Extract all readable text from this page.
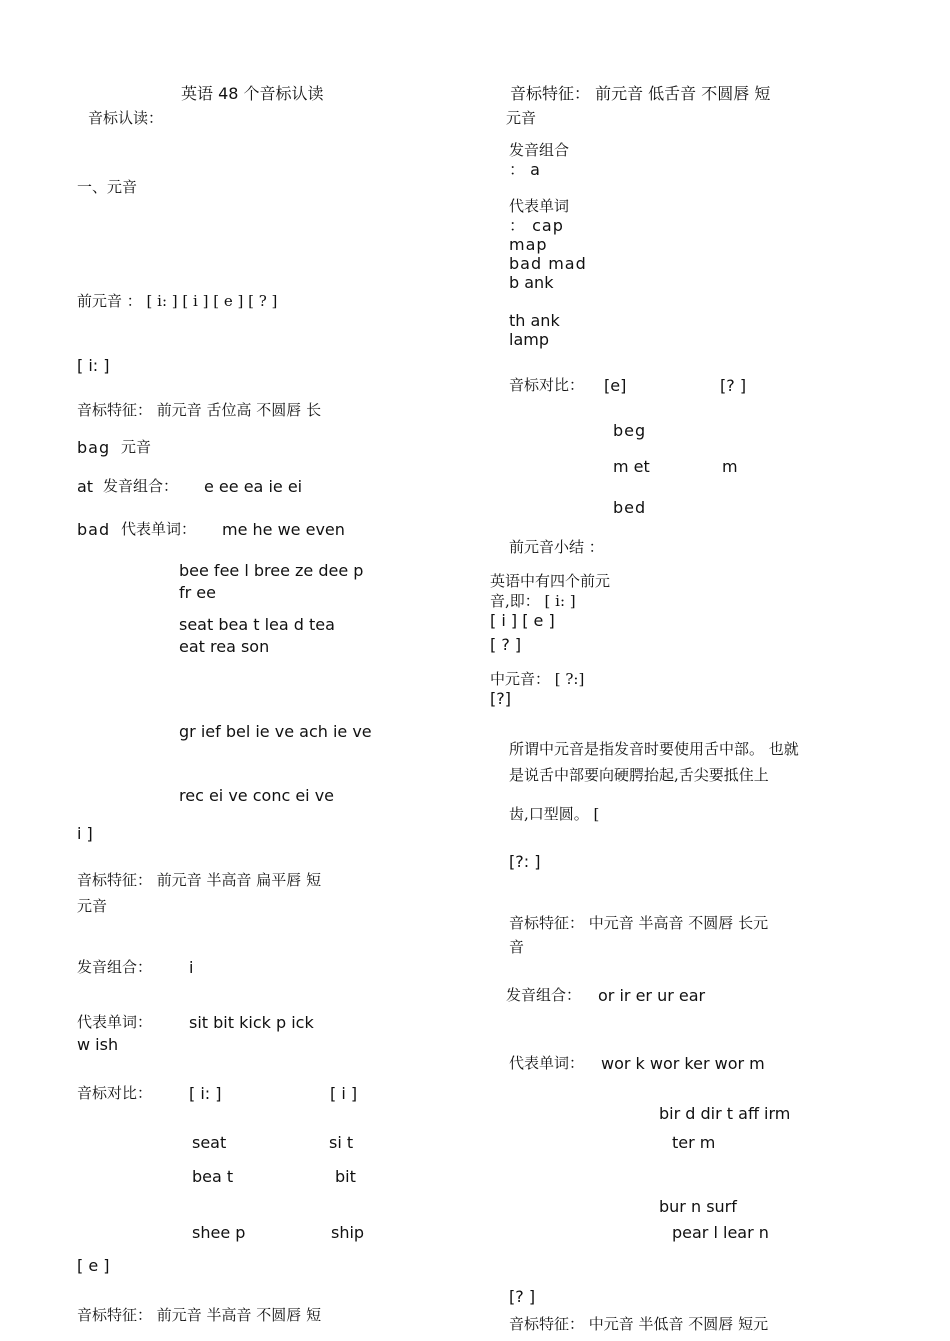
英语 48 个音标认读
音标认读：
一、元音
前元音 ： [ i: ] [ i ] [ e ] [ ? ]
[ i: ]
音标特征： 前元音 舌位高 不圆唇 长
bag 元音
at 发音组合： e ee ea ie ei
bad 代表单词： me he we even
bee fee l bree ze dee p
fr ee
seat bea t lea d tea
eat rea son
gr ief bel ie ve ach ie ve
rec ei ve conc ei ve
i ]
音标特征： 前元音 半高音 扁平唇 短
元音
发音组合： i
代表单词： sit bit kick p ick
w ish
音标对比： [ i: ]	[ i ]
seat	si t
bea t	bit
shee p	ship
[ e ]
音标特征： 前元音 半高音 不圆唇 短
音标特征： 前元音 低舌音 不圆唇 短
元音
发音组合
： a
代表单词
： cap
map
bad mad
b ank
th ank
lamp
音标对比： [e]	[? ]
beg
m et	m
bed
前元音小结 ：
英语中有四个前元
音,即： [ i: ]
[ i ] [ e ]
[ ? ]
中元音： [ ?:]
[?]
所谓中元音是指发音时要使用舌中部。 也就
是说舌中部要向硬腭抬起,舌尖要抵住上
齿,口型圆。 [
[?: ]
音标特征： 中元音 半高音 不圆唇 长元
音
发音组合： or ir er ur ear
代表单词： wor k wor ker wor m
bir d dir t aff irm
ter m
bur n surf
pear l lear n
[? ]
音标特征： 中元音 半低音 不圆唇 短元
